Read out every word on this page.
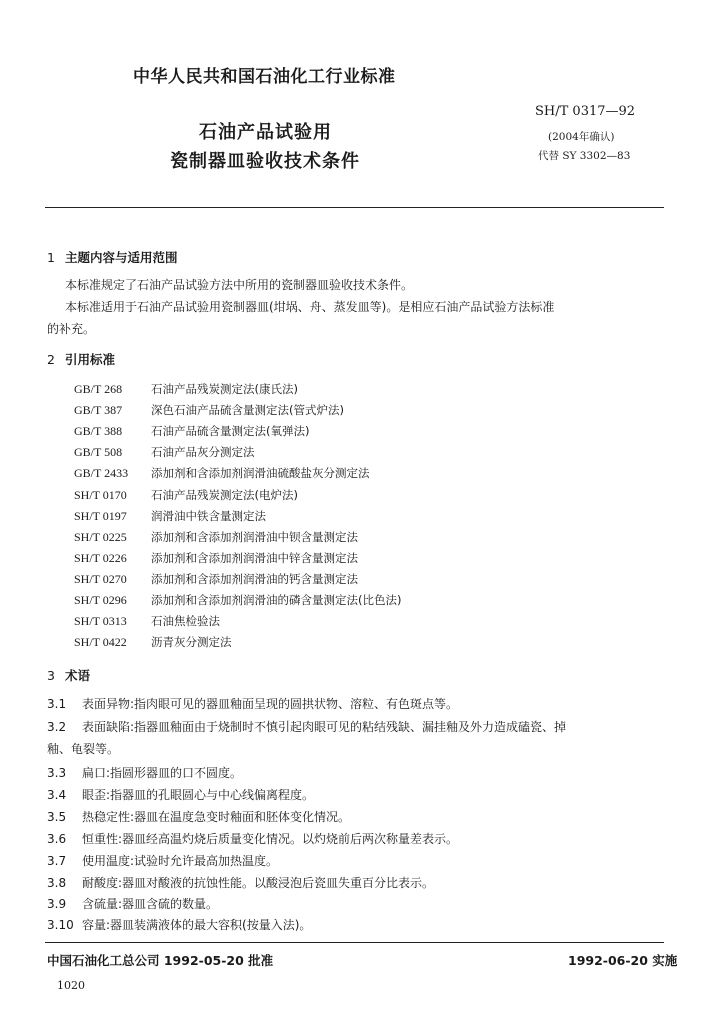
中华人民共和国石油化工行业标准
石油产品试验用
瓷制器皿验收技术条件
SH/T 0317—92
(2004年确认)
代替 SY 3302—83
1 主题内容与适用范围
本标准规定了石油产品试验方法中所用的瓷制器皿验收技术条件。
本标准适用于石油产品试验用瓷制器皿(坩埚、舟、蒸发皿等)。是相应石油产品试验方法标准
的补充。
2 引用标准
GB/T 268	石油产品残炭测定法(康氏法)
GB/T 387	深色石油产品硫含量测定法(管式炉法)
GB/T 388	石油产品硫含量测定法(氧弹法)
GB/T 508	石油产品灰分测定法
GB/T 2433 添加剂和含添加剂润滑油硫酸盐灰分测定法
SH/T 0170 石油产品残炭测定法(电炉法)
SH/T 0197 润滑油中铁含量测定法
SH/T 0225 添加剂和含添加剂润滑油中钡含量测定法
SH/T 0226 添加剂和含添加剂润滑油中锌含量测定法
SH/T 0270 添加剂和含添加剂润滑油的钙含量测定法
SH/T 0296 添加剂和含添加剂润滑油的磷含量测定法(比色法)
SH/T 0313 石油焦检验法
SH/T 0422 沥青灰分测定法
3 术语
3.1 表面异物:指肉眼可见的器皿釉面呈现的圆拱状物、溶粒、有色斑点等。
3.2 表面缺陷:指器皿釉面由于烧制时不慎引起肉眼可见的粘结残缺、漏挂釉及外力造成磕瓷、掉
3.3 扁口:指圆形器皿的口不圆度。
3.4 眼歪:指器皿的孔眼圆心与中心线偏离程度。
3.5 热稳定性:器皿在温度急变时釉面和胚体变化情况。
3.6 恒重性:器皿经高温灼烧后质量变化情况。以灼烧前后两次称量差表示。
3.7 使用温度:试验时允许最高加热温度。
3.8 耐酸度:器皿对酸液的抗蚀性能。以酸浸泡后瓷皿失重百分比表示。
3.9 含硫量:器皿含硫的数量。
3.10 容量:器皿装满液体的最大容积(按量入法)。
釉、龟裂等。
中国石油化工总公司 1992-05-20 批准	1992-06-20 实施
1020
